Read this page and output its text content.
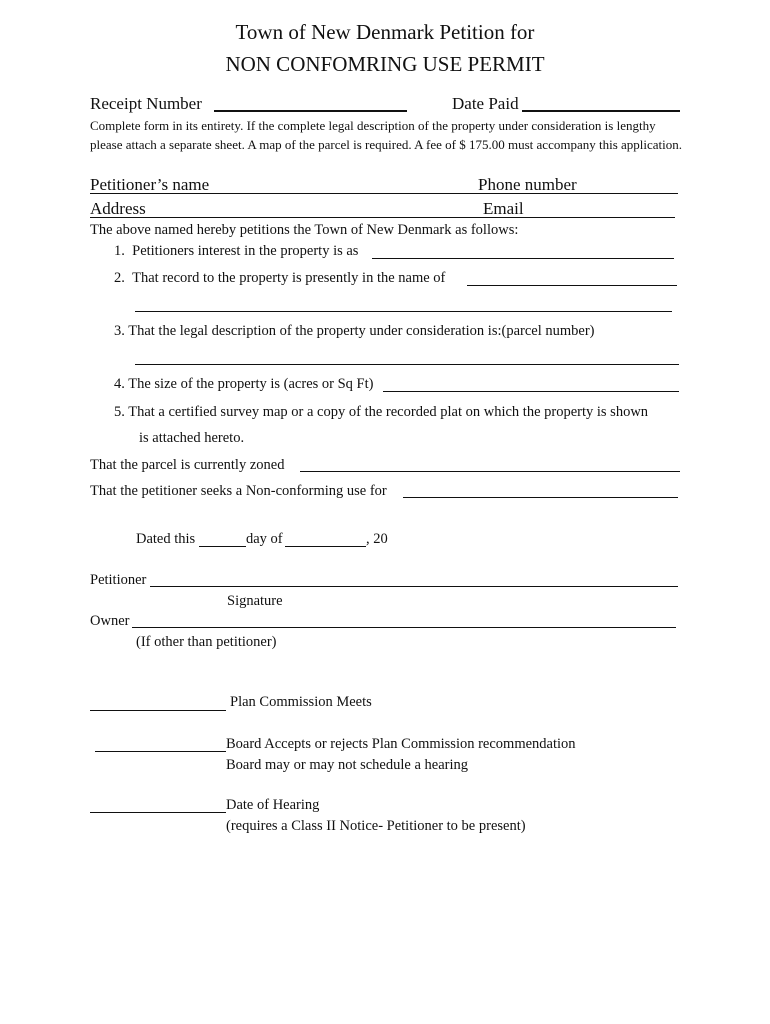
Town of New Denmark Petition for
NON CONFOMRING USE PERMIT
Receipt Number	Date Paid
Complete form in its entirety. If the complete legal description of the property under consideration is lengthy please attach a separate sheet. A map of the parcel is required. A fee of $ 175.00 must accompany this application.
Petitioner’s name	Phone number
Address	Email
The above named hereby petitions the Town of New Denmark as follows:
1.  Petitioners interest in the property is as
2.  That record to the property is presently in the name of
3. That the legal description of the property under consideration is:(parcel number)
4. The size of the property is (acres or Sq Ft)
5. That a certified survey map or a copy of the recorded plat on which the property is shown
is attached hereto.
That the parcel is currently zoned
That the petitioner seeks a Non-conforming use for
Dated this	day of	, 20
Petitioner
Signature
Owner
(If other than petitioner)
Plan Commission Meets
Board Accepts or rejects Plan Commission recommendation
Board may or may not schedule a hearing
Date of Hearing
(requires a Class II Notice- Petitioner to be present)
